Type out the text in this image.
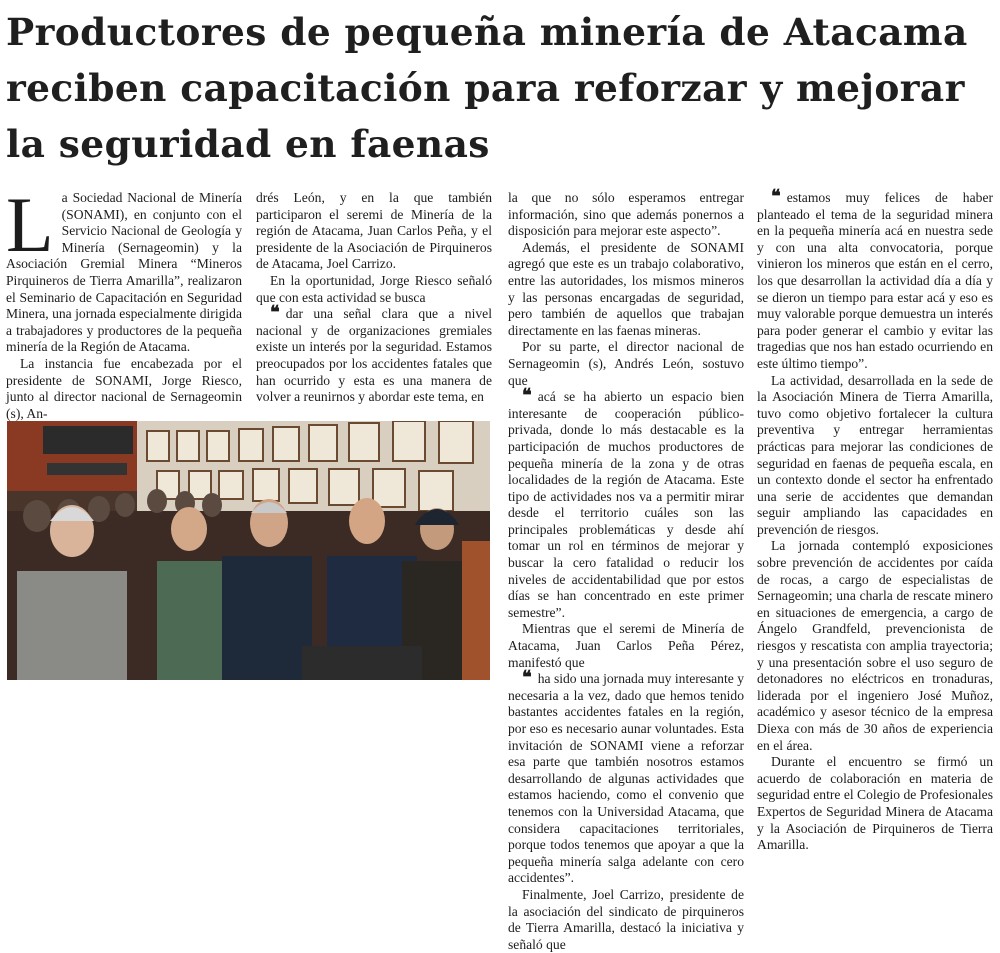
Productores de pequeña minería de Atacama reciben capacitación para reforzar y mejorar la seguridad en faenas
L a Sociedad Nacional de Minería (SONAMI), en conjunto con el Servicio Nacional de Geología y Minería (Sernageomin) y la Asociación Gremial Minera “Mineros Pirquineros de Tierra Amarilla”, realizaron el Seminario de Capacitación en Seguridad Minera, una jornada especialmente dirigida a trabajadores y productores de la pequeña minería de la Región de Atacama.

La instancia fue encabezada por el presidente de SONAMI, Jorge Riesco, junto al director nacional de Sernageomin (s), An-

drés León, y en la que también participaron el seremi de Minería de la región de Atacama, Juan Carlos Peña, y el presidente de la Asociación de Pirquineros de Atacama, Joel Carrizo.

En la oportunidad, Jorge Riesco señaló que con esta actividad se busca

❝ dar una señal clara que a nivel nacional y de organizaciones gremiales existe un interés por la seguridad. Estamos preocupados por los accidentes fatales que han ocurrido y esta es una manera de volver a reunirnos y abordar este tema, en

la que no sólo esperamos entregar información, sino que además ponernos a disposición para mejorar este aspecto”.

Además, el presidente de SONAMI agregó que este es un trabajo colaborativo, entre las autoridades, los mismos mineros y las personas encargadas de seguridad, pero también de aquellos que trabajan directamente en las faenas mineras.

Por su parte, el director nacional de Sernageomin (s), Andrés León, sostuvo que

❝ acá se ha abierto un espacio bien interesante de cooperación público-privada, donde lo más destacable es la participación de muchos productores de pequeña minería de la zona y de otras localidades de la región de Atacama. Este tipo de actividades nos va a permitir mirar desde el territorio cuáles son las principales problemáticas y desde ahí tomar un rol en términos de mejorar y buscar la cero fatalidad o reducir los niveles de accidentabilidad que por estos días se han concentrado en este primer semestre”.

Mientras que el seremi de Minería de Atacama, Juan Carlos Peña Pérez, manifestó que

❝ ha sido una jornada muy interesante y necesaria a la vez, dado que hemos tenido bastantes accidentes fatales en la región, por eso es necesario aunar voluntades. Esta invitación de SONAMI viene a reforzar esa parte que también nosotros estamos desarrollando de algunas actividades que estamos haciendo, como el convenio que tenemos con la Universidad Atacama, que considera capacitaciones territoriales, porque todos tenemos que apoyar a que la pequeña minería salga adelante con cero accidentes”.

Finalmente, Joel Carrizo, presidente de la asociación del sindicato de pirquineros de Tierra Amarilla, destacó la iniciativa y señaló que

❝ estamos muy felices de haber planteado el tema de la seguridad minera en la pequeña minería acá en nuestra sede y con una alta convocatoria, porque vinieron los mineros que están en el cerro, los que desarrollan la actividad día a día y se dieron un tiempo para estar acá y eso es muy valorable porque demuestra un interés para poder generar el cambio y evitar las tragedias que nos han estado ocurriendo en este último tiempo”.

La actividad, desarrollada en la sede de la Asociación Minera de Tierra Amarilla, tuvo como objetivo fortalecer la cultura preventiva y entregar herramientas prácticas para mejorar las condiciones de seguridad en faenas de pequeña escala, en un contexto donde el sector ha enfrentado una serie de accidentes que demandan seguir ampliando las capacidades en prevención de riesgos.

La jornada contempló exposiciones sobre prevención de accidentes por caída de rocas, a cargo de especialistas de Sernageomin; una charla de rescate minero en situaciones de emergencia, a cargo de Ángelo Grandfeld, prevencionista de riesgos y rescatista con amplia trayectoria; y una presentación sobre el uso seguro de detonadores no eléctricos en tronaduras, liderada por el ingeniero José Muñoz, académico y asesor técnico de la empresa Diexa con más de 30 años de experiencia en el área.

Durante el encuentro se firmó un acuerdo de colaboración en materia de seguridad entre el Colegio de Profesionales Expertos de Seguridad Minera de Atacama y la Asociación de Pirquineros de Tierra Amarilla.
